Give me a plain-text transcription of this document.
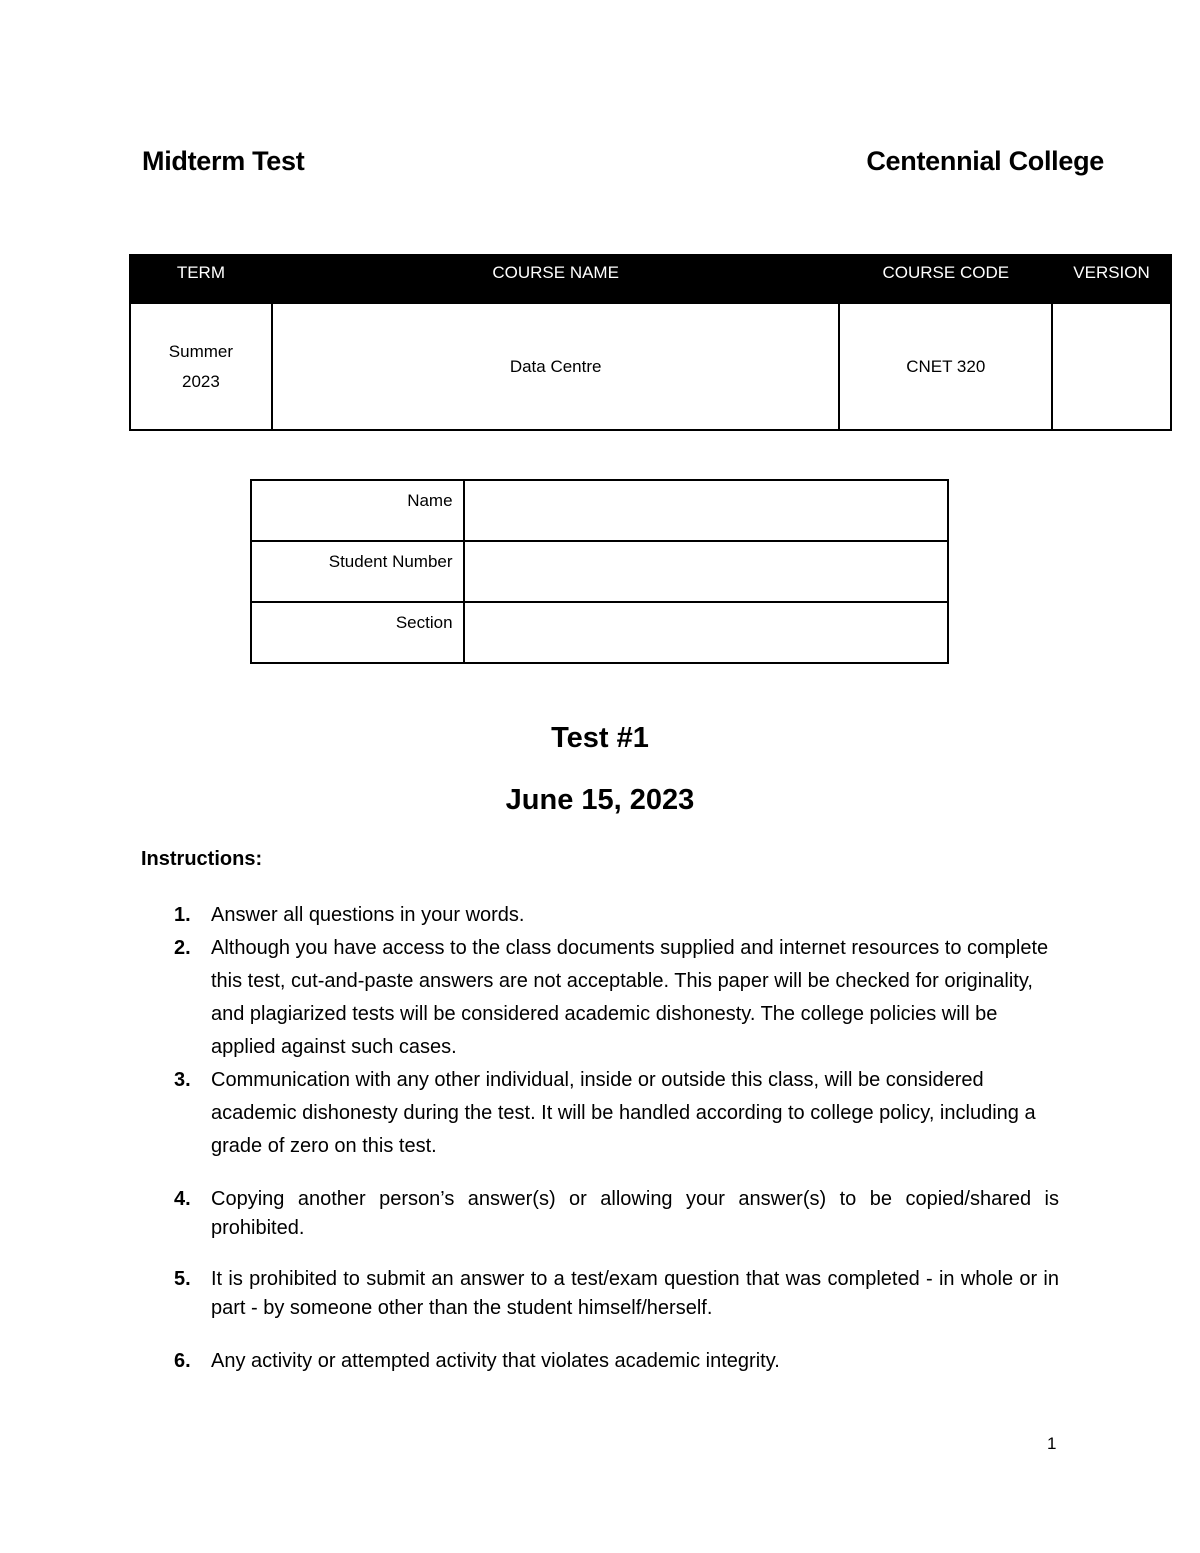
Midterm Test	Centennial College
TERM	COURSE NAME	COURSE CODE	VERSION
Summer 2023	Data Centre	CNET 320	
Name	
Student Number	
Section	
Test #1
June 15, 2023
Instructions:
1. Answer all questions in your words.
2. Although you have access to the class documents supplied and internet resources to complete this test, cut-and-paste answers are not acceptable. This paper will be checked for originality, and plagiarized tests will be considered academic dishonesty. The college policies will be applied against such cases.
3. Communication with any other individual, inside or outside this class, will be considered academic dishonesty during the test. It will be handled according to college policy, including a grade of zero on this test.
4. Copying another person’s answer(s) or allowing your answer(s) to be copied/shared is prohibited.
5. It is prohibited to submit an answer to a test/exam question that was completed - in whole or in part - by someone other than the student himself/herself.
6. Any activity or attempted activity that violates academic integrity.
1
